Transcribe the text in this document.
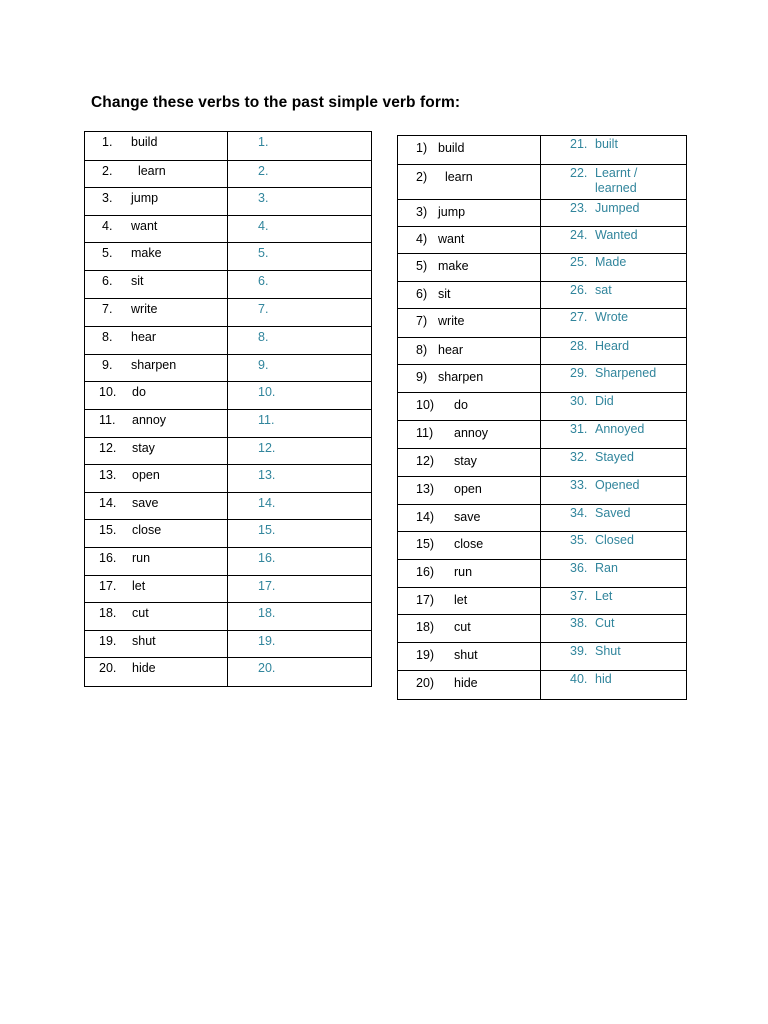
Change these verbs to the past simple verb form:
1. build	1.

2. learn	2.

3. jump	3.

4. want	4.

5. make	5.

6. sit	6.

7. write	7.

8. hear	8.

9. sharpen	9.

10. do	10.

11. annoy	11.

12. stay	12.

13. open	13.

14. save	14.

15. close	15.

16. run	16.

17. let	17.

18. cut	18.

19. shut	19.

20. hide	20.
1) build	21. built

2) learn	22. Learnt / learned

3) jump	23. Jumped

4) want	24. Wanted

5) make	25. Made

6) sit	26. sat

7) write	27. Wrote

8) hear	28. Heard

9) sharpen	29. Sharpened

10) do	30. Did

11) annoy	31. Annoyed

12) stay	32. Stayed

13) open	33. Opened

14) save	34. Saved

15) close	35. Closed

16) run	36. Ran

17) let	37. Let

18) cut	38. Cut

19) shut	39. Shut

20) hide	40. hid
